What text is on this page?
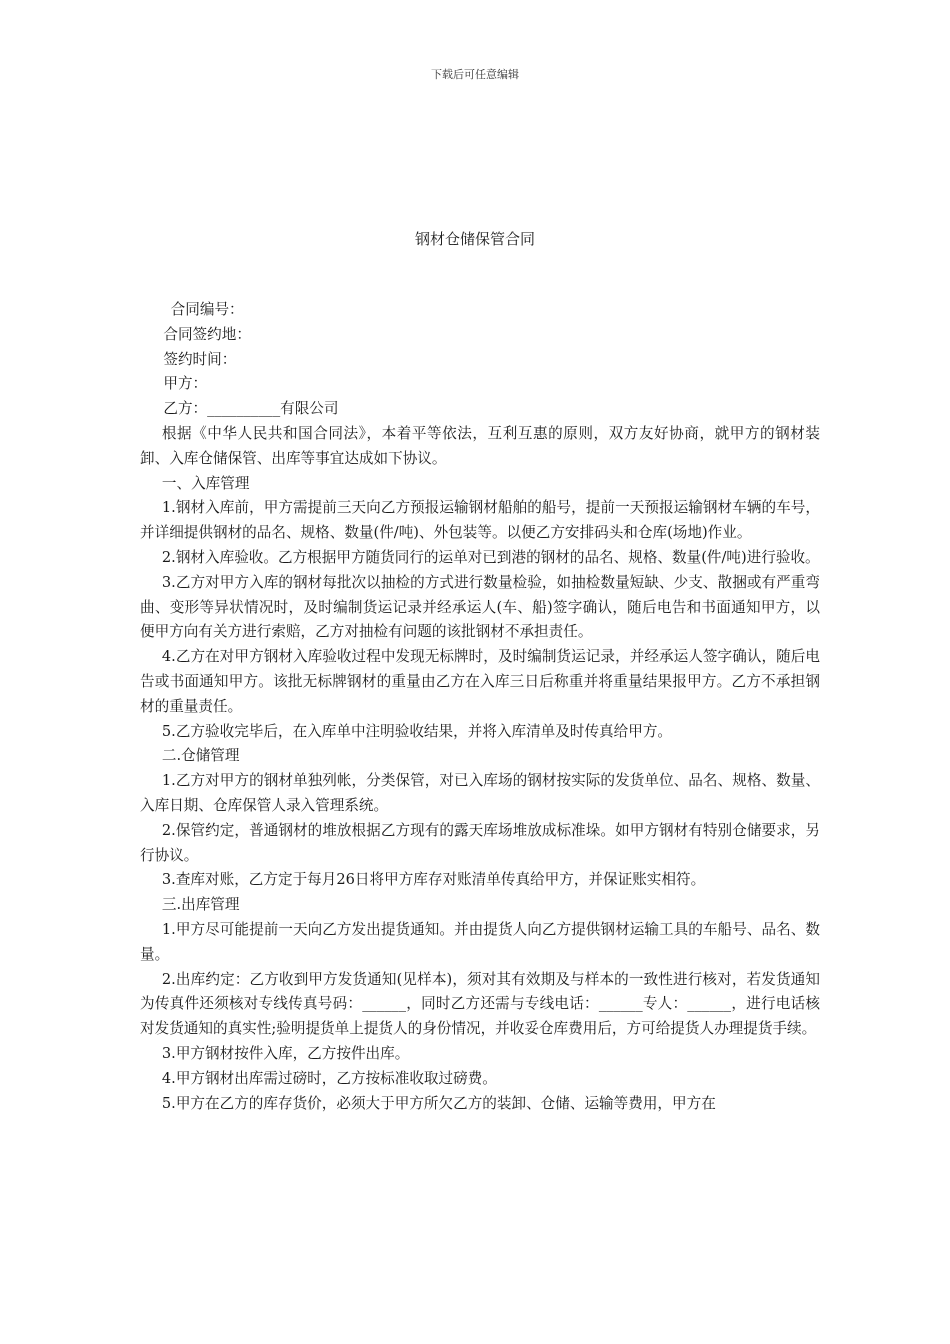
下载后可任意编辑
钢材仓储保管合同

合同编号：

合同签约地：

签约时间：

甲方：

乙方：__________有限公司

根据《中华人民共和国合同法》，本着平等依法，互利互惠的原则，双方友好协商，就甲方的钢材装卸、入库仓储保管、出库等事宜达成如下协议。

一、入库管理

1.钢材入库前，甲方需提前三天向乙方预报运输钢材船舶的船号，提前一天预报运输钢材车辆的车号，并详细提供钢材的品名、规格、数量(件/吨)、外包装等。以便乙方安排码头和仓库(场地)作业。

2.钢材入库验收。乙方根据甲方随货同行的运单对已到港的钢材的品名、规格、数量(件/吨)进行验收。

3.乙方对甲方入库的钢材每批次以抽检的方式进行数量检验，如抽检数量短缺、少支、散捆或有严重弯曲、变形等异状情况时，及时编制货运记录并经承运人(车、船)签字确认，随后电告和书面通知甲方，以便甲方向有关方进行索赔，乙方对抽检有问题的该批钢材不承担责任。

4.乙方在对甲方钢材入库验收过程中发现无标牌时，及时编制货运记录，并经承运人签字确认，随后电告或书面通知甲方。该批无标牌钢材的重量由乙方在入库三日后称重并将重量结果报甲方。乙方不承担钢材的重量责任。

5.乙方验收完毕后，在入库单中注明验收结果，并将入库清单及时传真给甲方。

二.仓储管理

1.乙方对甲方的钢材单独列帐，分类保管，对已入库场的钢材按实际的发货单位、品名、规格、数量、入库日期、仓库保管人录入管理系统。

2.保管约定，普通钢材的堆放根据乙方现有的露天库场堆放成标准垛。如甲方钢材有特别仓储要求，另行协议。

3.查库对账，乙方定于每月26日将甲方库存对账清单传真给甲方，并保证账实相符。

三.出库管理

1.甲方尽可能提前一天向乙方发出提货通知。并由提货人向乙方提供钢材运输工具的车船号、品名、数量。

2.出库约定：乙方收到甲方发货通知(见样本)，须对其有效期及与样本的一致性进行核对，若发货通知为传真件还须核对专线传真号码：______，同时乙方还需与专线电话：______专人：______，进行电话核对发货通知的真实性;验明提货单上提货人的身份情况，并收妥仓库费用后，方可给提货人办理提货手续。

3.甲方钢材按件入库，乙方按件出库。

4.甲方钢材出库需过磅时，乙方按标准收取过磅费。

5.甲方在乙方的库存货价，必须大于甲方所欠乙方的装卸、仓储、运输等费用，甲方在
